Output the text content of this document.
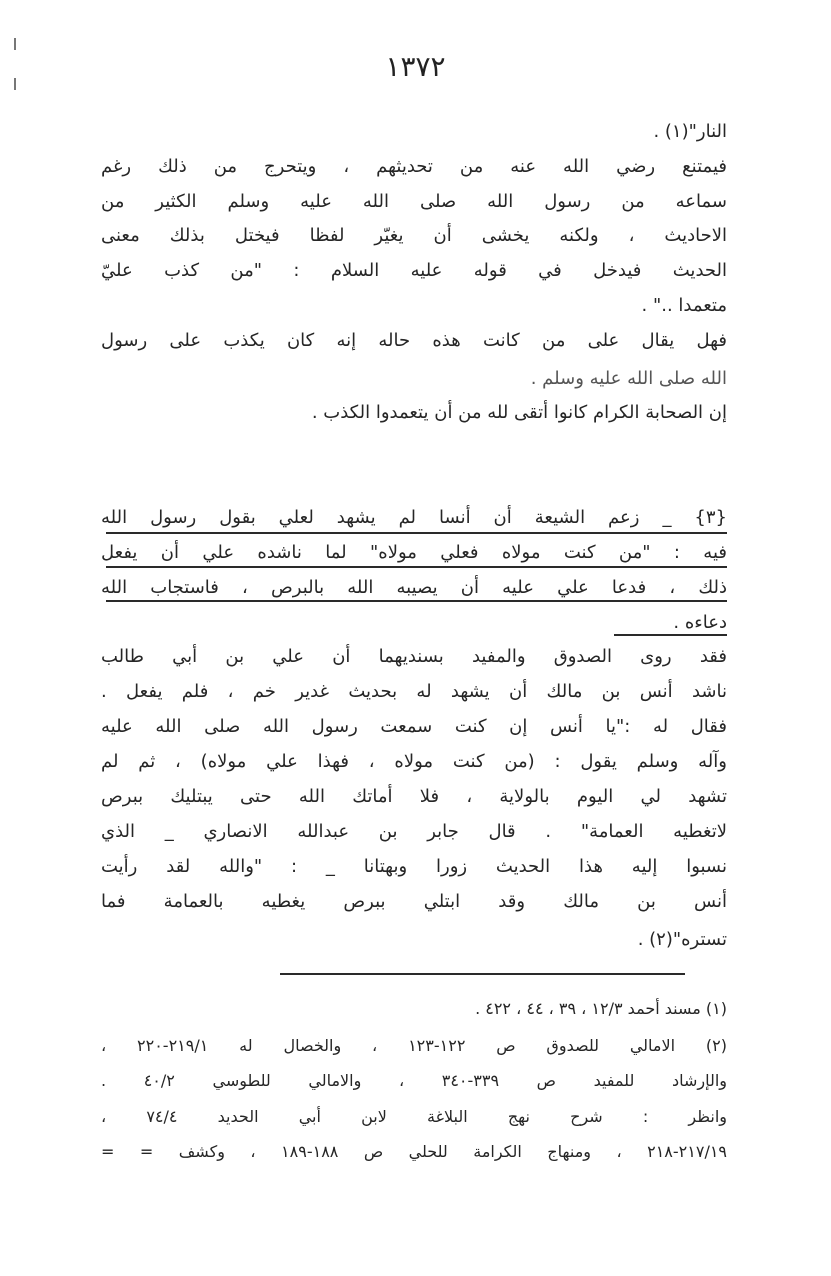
١٣٧٢
النار"(١) .
فيمتنع رضي الله عنه من تحديثهم ، ويتحرج من ذلك رغم
سماعه من رسول الله صلى الله عليه وسلم الكثير من
الاحاديث ، ولكنه يخشى أن يغيّر لفظا فيختل بذلك معنى
الحديث فيدخل في قوله عليه السلام : "من كذب عليّ
متعمدا .." .
فهل يقال على من كانت هذه حاله إنه كان يكذب على رسول
الله صلى الله عليه وسلم .
إن الصحابة الكرام كانوا أتقى لله من أن يتعمدوا الكذب .
{٣} _ زعم الشيعة أن أنسا لم يشهد لعلي بقول رسول الله
فيه : "من كنت مولاه فعلي مولاه" لما ناشده علي أن يفعل
ذلك ، فدعا علي عليه أن يصيبه الله بالبرص ، فاستجاب الله
دعاءه .
فقد روى الصدوق والمفيد بسنديهما أن علي بن أبي طالب
ناشد أنس بن مالك أن يشهد له بحديث غدير خم ، فلم يفعل .
فقال له :"يا أنس إن كنت سمعت رسول الله صلى الله عليه
وآله وسلم يقول : (من كنت مولاه ، فهذا علي مولاه) ، ثم لم
تشهد لي اليوم بالولاية ، فلا أماتك الله حتى يبتليك ببرص
لاتغطيه العمامة" . قال جابر بن عبدالله الانصاري _ الذي
نسبوا إليه هذا الحديث زورا وبهتانا _ : "والله لقد رأيت
أنس بن مالك وقد ابتلي ببرص يغطيه بالعمامة فما
تستره"(٢) .
(١) مسند أحمد ١٢/٣ ، ٣٩ ، ٤٤ ، ٤٢٢ .
(٢) الامالي للصدوق ص ١٢٢-١٢٣ ، والخصال له ٢١٩/١-٢٢٠ ،
والإرشاد للمفيد ص ٣٣٩-٣٤٠ ، والامالي للطوسي ٤٠/٢ .
وانظر : شرح نهج البلاغة لابن أبي الحديد ٧٤/٤ ،
٢١٧/١٩-٢١٨ ، ومنهاج الكرامة للحلي ص ١٨٨-١٨٩ ، وكشف = =
